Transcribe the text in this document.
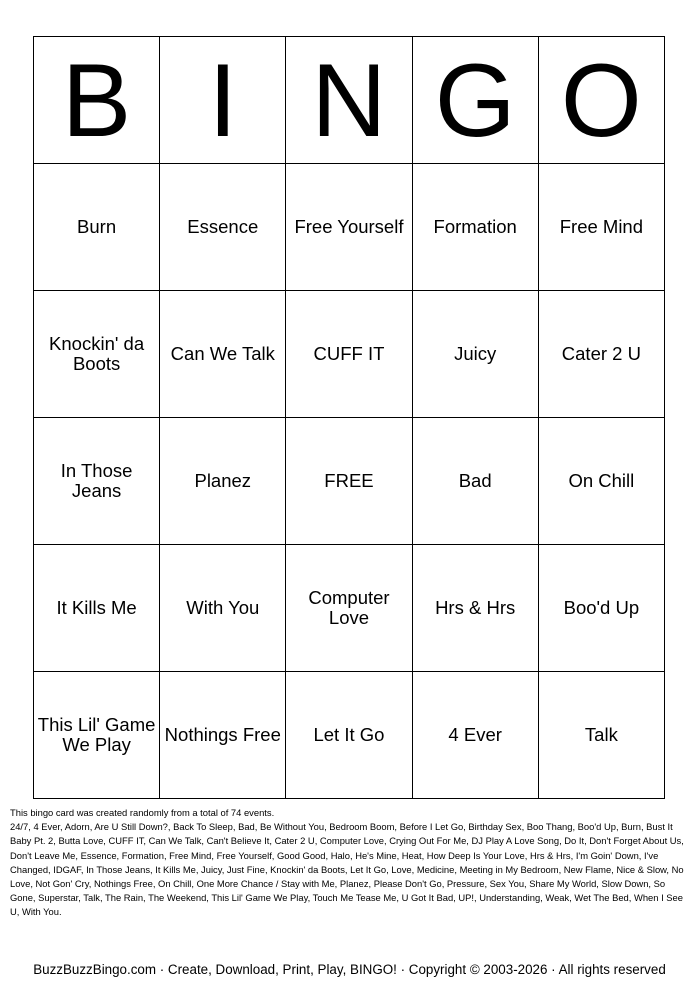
B	I	N	G	O
Burn	Essence	Free Yourself	Formation	Free Mind
Knockin' da Boots	Can We Talk	CUFF IT	Juicy	Cater 2 U
In Those Jeans	Planez	FREE	Bad	On Chill
It Kills Me	With You	Computer Love	Hrs & Hrs	Boo'd Up
This Lil' Game We Play	Nothings Free	Let It Go	4 Ever	Talk
This bingo card was created randomly from a total of 74 events.
24/7, 4 Ever, Adorn, Are U Still Down?, Back To Sleep, Bad, Be Without You, Bedroom Boom, Before I Let Go, Birthday Sex, Boo Thang, Boo'd Up, Burn, Bust It Baby Pt. 2, Butta Love, CUFF IT, Can We Talk, Can't Believe It, Cater 2 U, Computer Love, Crying Out For Me, DJ Play A Love Song, Do It, Don't Forget About Us, Don't Leave Me, Essence, Formation, Free Mind, Free Yourself, Good Good, Halo, He's Mine, Heat, How Deep Is Your Love, Hrs & Hrs, I'm Goin' Down, I've Changed, IDGAF, In Those Jeans, It Kills Me, Juicy, Just Fine, Knockin' da Boots, Let It Go, Love, Medicine, Meeting in My Bedroom, New Flame, Nice & Slow, No Love, Not Gon' Cry, Nothings Free, On Chill, One More Chance / Stay with Me, Planez, Please Don't Go, Pressure, Sex You, Share My World, Slow Down, So Gone, Superstar, Talk, The Rain, The Weekend, This Lil' Game We Play, Touch Me Tease Me, U Got It Bad, UP!, Understanding, Weak, Wet The Bed, When I See U, With You.
BuzzBuzzBingo.com · Create, Download, Print, Play, BINGO! · Copyright © 2003-2026 · All rights reserved
